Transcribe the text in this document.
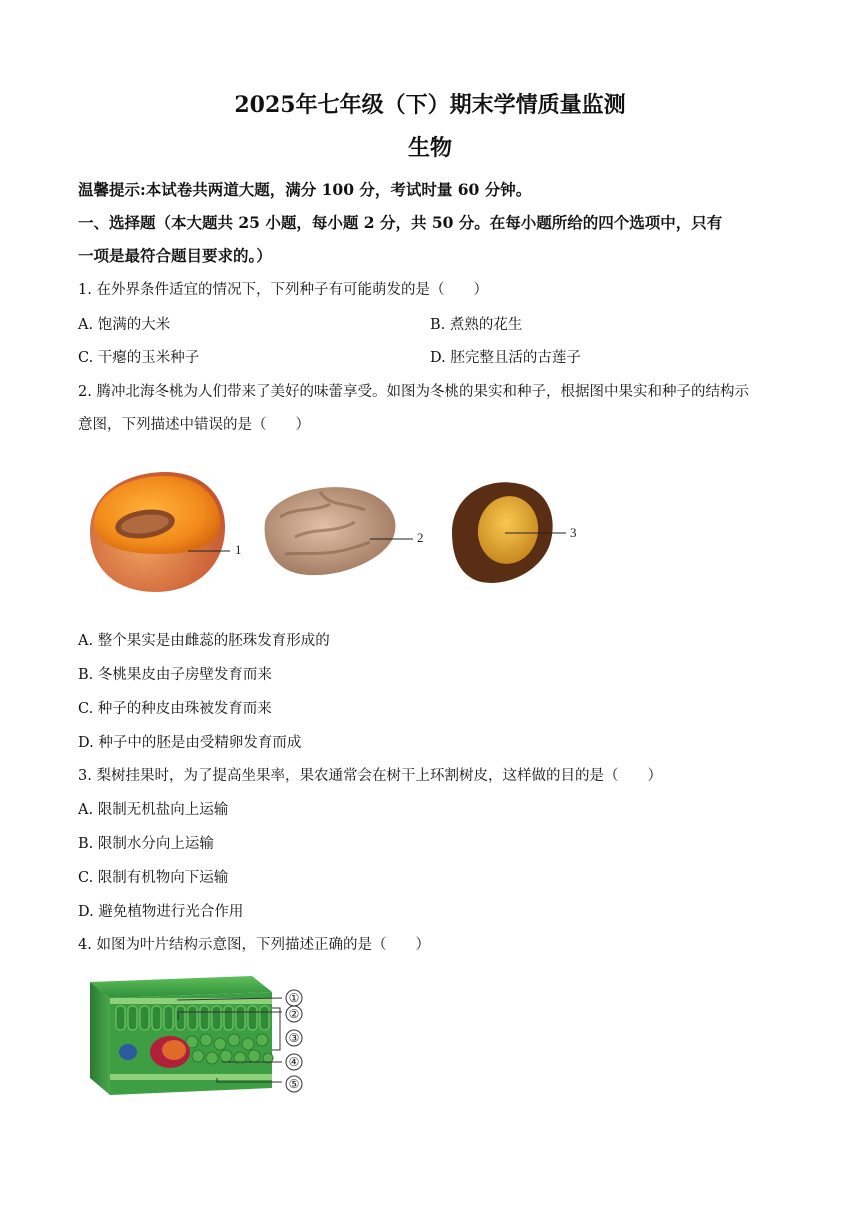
2025年七年级（下）期末学情质量监测
生物
温馨提示:本试卷共两道大题，满分 100 分，考试时量 60 分钟。
一、选择题（本大题共 25 小题，每小题 2 分，共 50 分。在每小题所给的四个选项中，只有
一项是最符合题目要求的。）
1. 在外界条件适宜的情况下，下列种子有可能萌发的是（　　）
A. 饱满的大米	B. 煮熟的花生
C. 干瘪的玉米种子	D. 胚完整且活的古莲子
2. 腾冲北海冬桃为人们带来了美好的味蕾享受。如图为冬桃的果实和种子，根据图中果实和种子的结构示
意图，下列描述中错误的是（　　）
1
2	3
A. 整个果实是由雌蕊的胚珠发育形成的
B. 冬桃果皮由子房壁发育而来
C. 种子的种皮由珠被发育而来
D. 种子中的胚是由受精卵发育而成
3. 梨树挂果时，为了提高坐果率，果农通常会在树干上环割树皮，这样做的目的是（　　）
A. 限制无机盐向上运输
B. 限制水分向上运输
C. 限制有机物向下运输
D. 避免植物进行光合作用
4. 如图为叶片结构示意图，下列描述正确的是（　　）
①
②
③
④
⑤
